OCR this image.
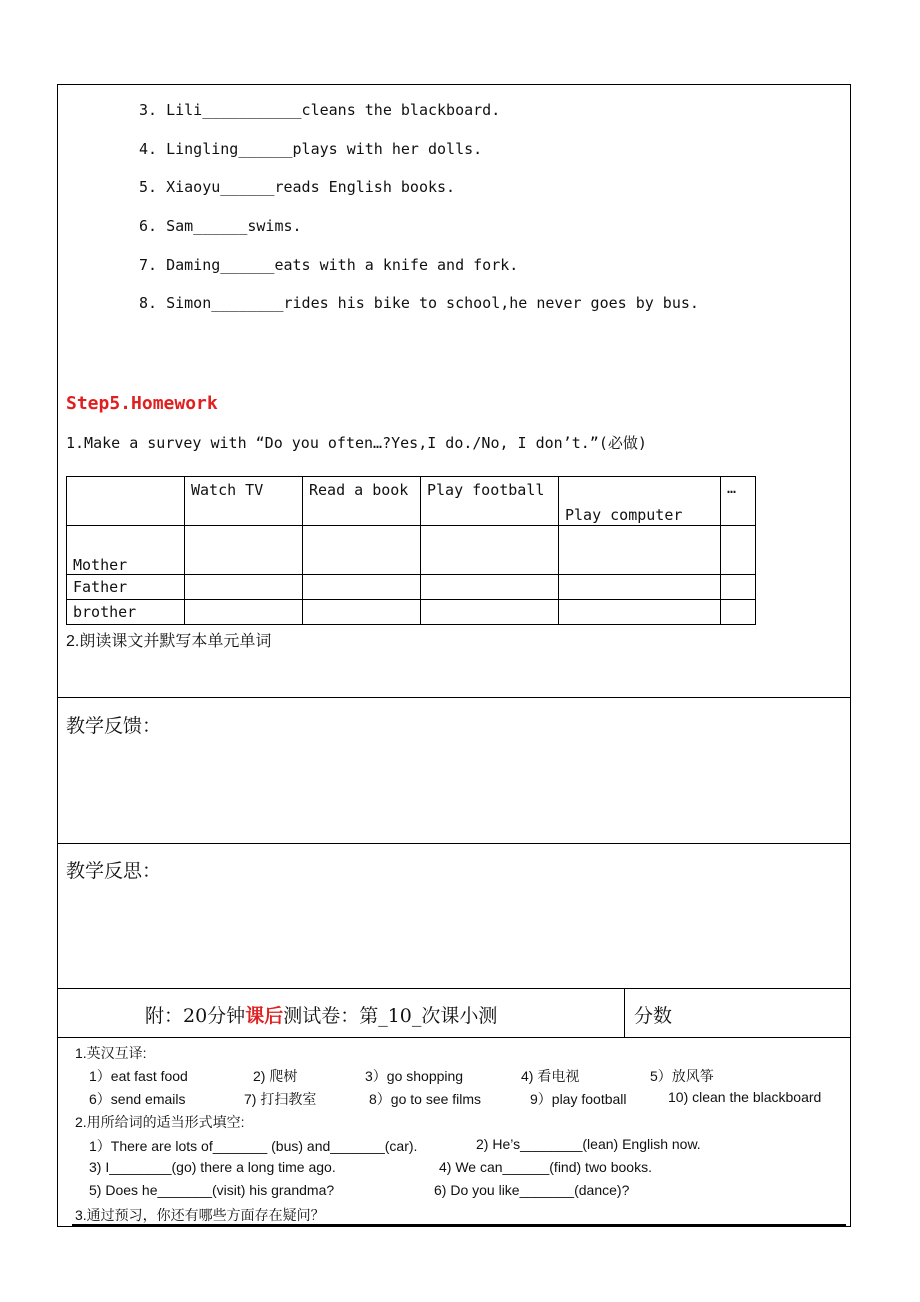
3. Lili___________cleans the blackboard.
4. Lingling______plays with her dolls.
5. Xiaoyu______reads English books.
6. Sam______swims.
7. Daming______eats with a knife and fork.
8. Simon________rides his bike to school,he never goes by bus.
Step5.Homework
1.Make a survey with “Do you often…?Yes,I do./No, I don’t.”(必做)
	Watch TV	Read a book	Play football	Play computer	…
Mother					
Father					
brother					
2.朗读课文并默写本单元单词
教学反馈：
教学反思：
附：20分钟课后测试卷：第_10_次课小测	分数
1.英汉互译:
1）eat fast food	2) 爬树	3）go shopping	4) 看电视	5）放风筝
6）send emails	7) 打扫教室	8）go to see films	9）play football	10) clean the blackboard
2.用所给词的适当形式填空:
1）There are lots of_______ (bus) and_______(car).	2) He’s________(lean) English now.
3) I________(go) there a long time ago.	4) We can______(find) two books.
5) Does he_______(visit) his grandma?	6) Do you like_______(dance)?
3.通过预习，你还有哪些方面存在疑问？
